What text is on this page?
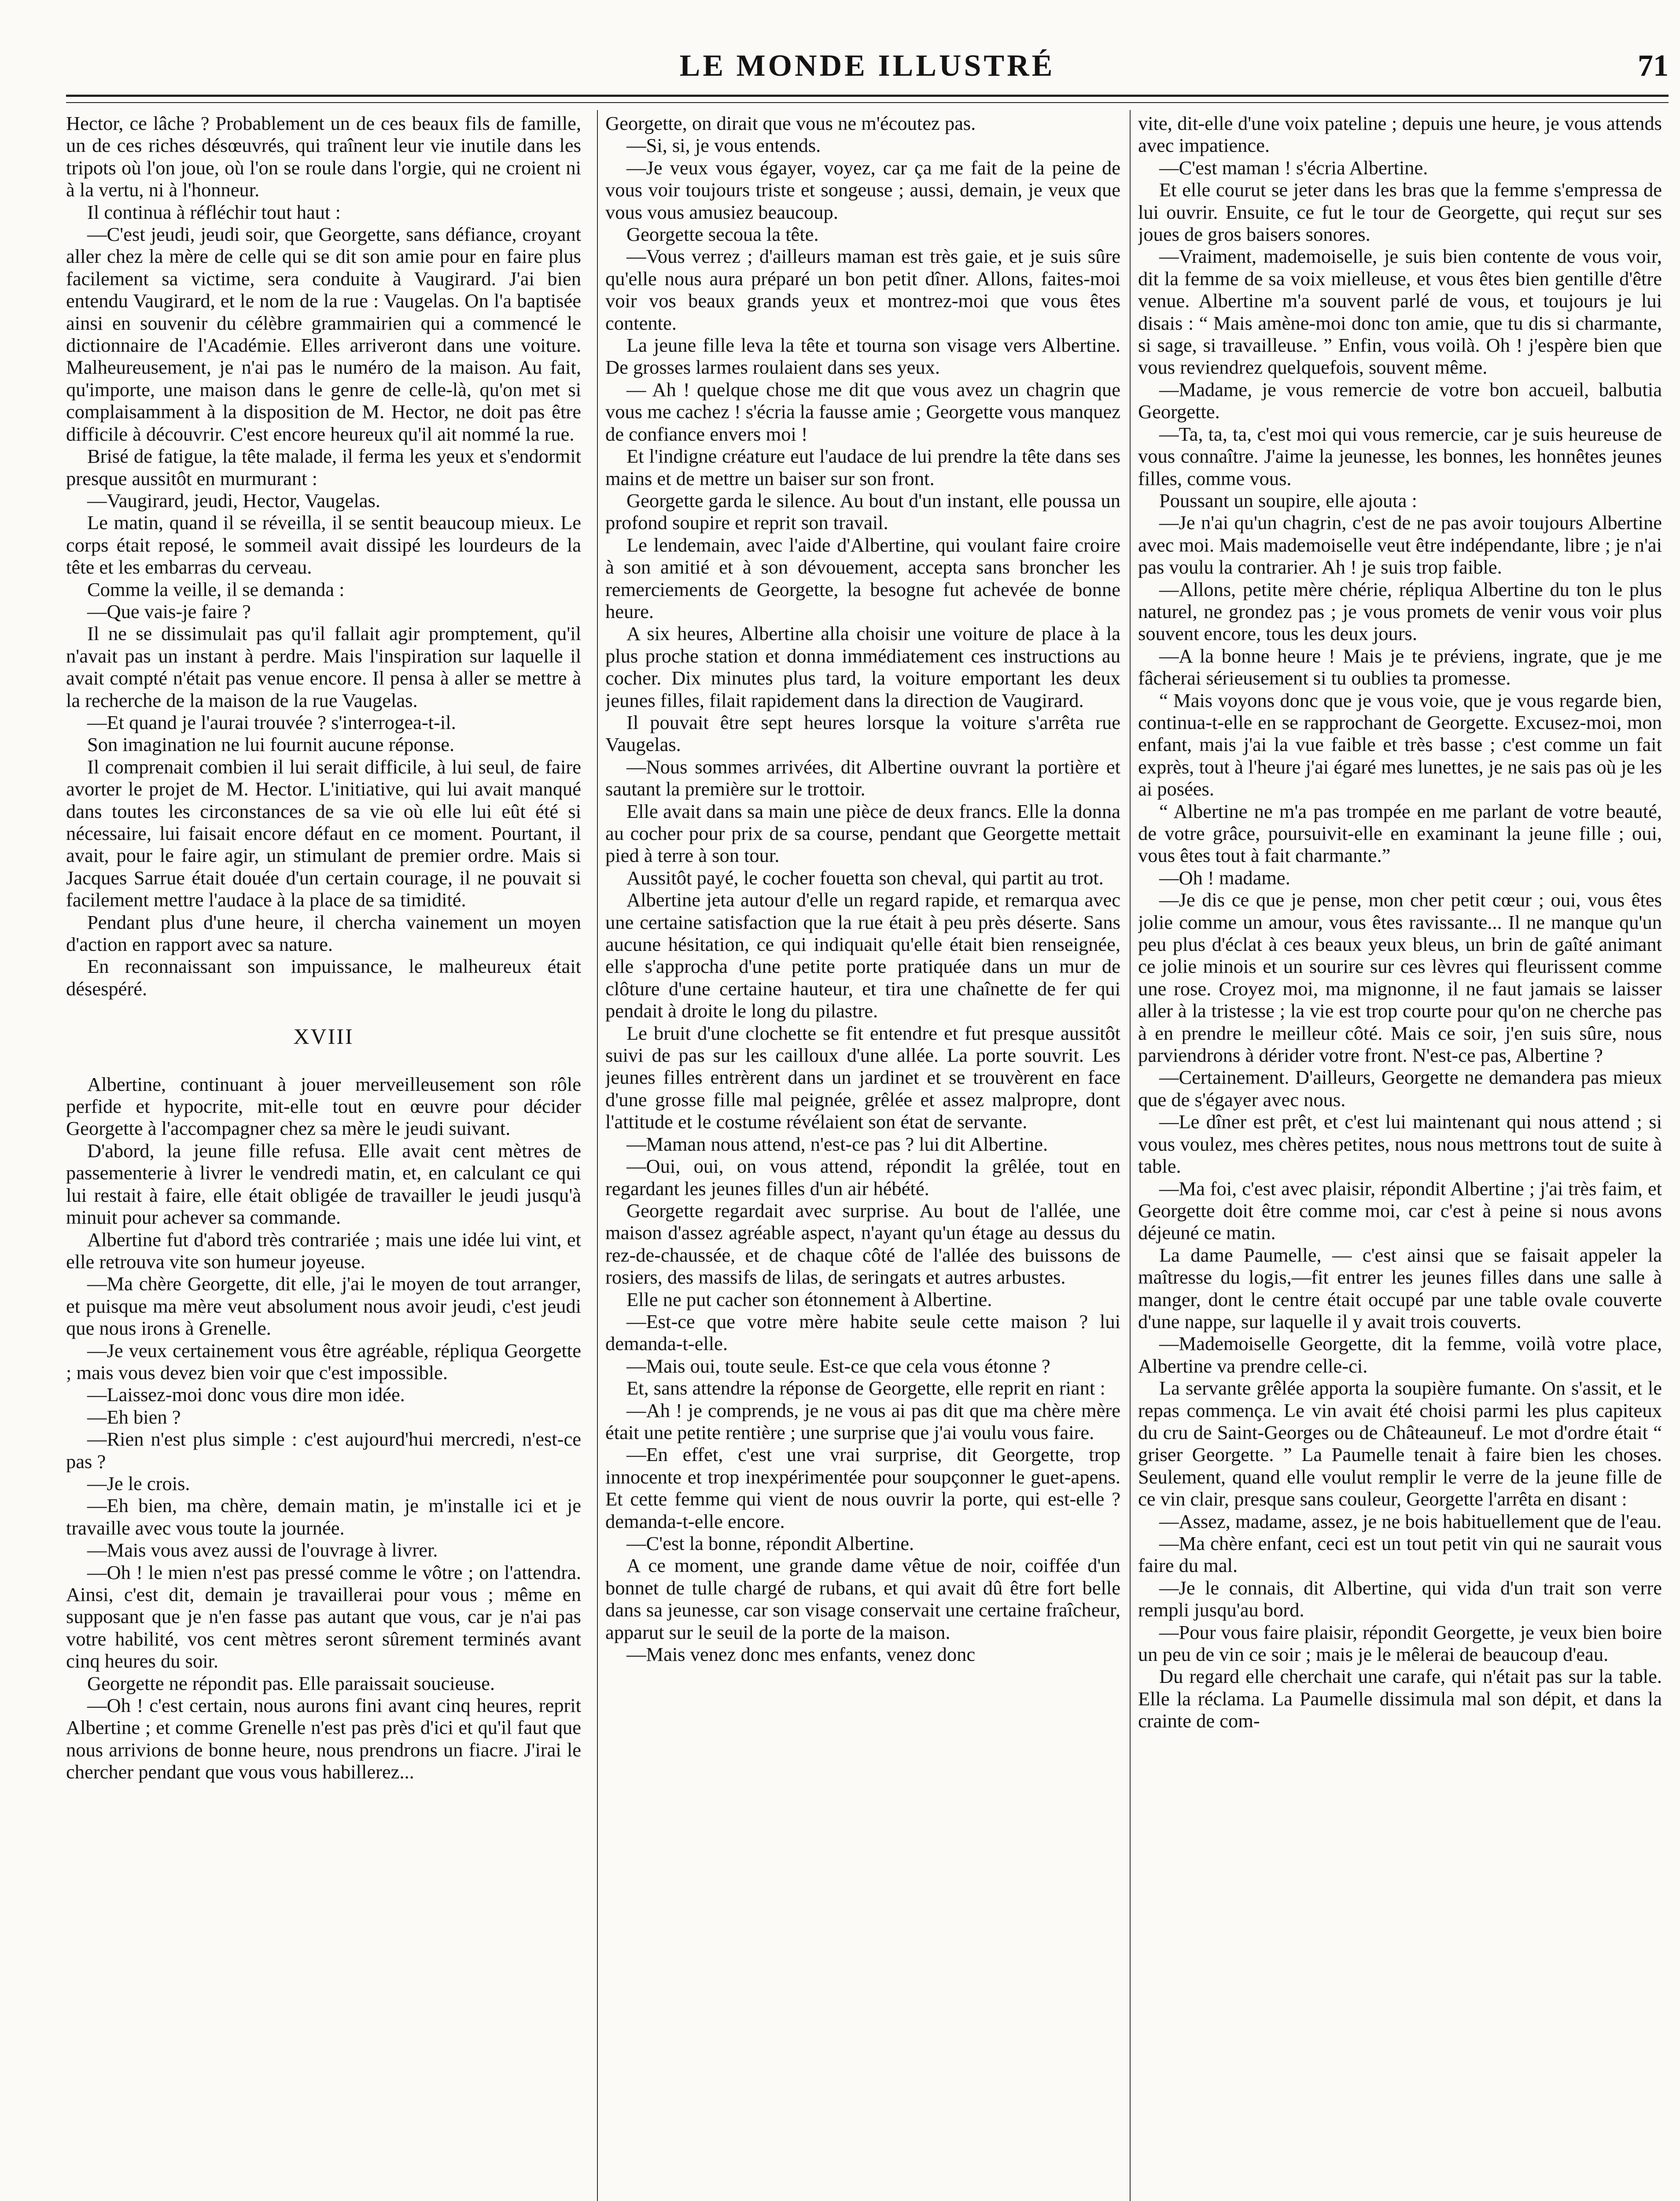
LE MONDE ILLUSTRÉ	71

Hector, ce lâche ? Probablement un de ces beaux fils de famille, un de ces riches désœuvrés, qui traînent leur vie inutile dans les tripots où l'on joue, où l'on se roule dans l'orgie, qui ne croient ni à la vertu, ni à l'honneur.

Il continua à réfléchir tout haut :

—C'est jeudi, jeudi soir, que Georgette, sans défiance, croyant aller chez la mère de celle qui se dit son amie pour en faire plus facilement sa victime, sera conduite à Vaugirard. J'ai bien entendu Vaugirard, et le nom de la rue : Vaugelas. On l'a baptisée ainsi en souvenir du célèbre grammairien qui a commencé le dictionnaire de l'Académie. Elles arriveront dans une voiture. Malheureusement, je n'ai pas le numéro de la maison. Au fait, qu'importe, une maison dans le genre de celle-là, qu'on met si complaisamment à la disposition de M. Hector, ne doit pas être difficile à découvrir. C'est encore heureux qu'il ait nommé la rue.

Brisé de fatigue, la tête malade, il ferma les yeux et s'endormit presque aussitôt en murmurant :

—Vaugirard, jeudi, Hector, Vaugelas.

Le matin, quand il se réveilla, il se sentit beaucoup mieux. Le corps était reposé, le sommeil avait dissipé les lourdeurs de la tête et les embarras du cerveau.

Comme la veille, il se demanda :

—Que vais-je faire ?

Il ne se dissimulait pas qu'il fallait agir promptement, qu'il n'avait pas un instant à perdre. Mais l'inspiration sur laquelle il avait compté n'était pas venue encore. Il pensa à aller se mettre à la recherche de la maison de la rue Vaugelas.

—Et quand je l'aurai trouvée ? s'interrogea-t-il.

Son imagination ne lui fournit aucune réponse.

Il comprenait combien il lui serait difficile, à lui seul, de faire avorter le projet de M. Hector. L'initiative, qui lui avait manqué dans toutes les circonstances de sa vie où elle lui eût été si nécessaire, lui faisait encore défaut en ce moment. Pourtant, il avait, pour le faire agir, un stimulant de premier ordre. Mais si Jacques Sarrue était douée d'un certain courage, il ne pouvait si facilement mettre l'audace à la place de sa timidité.

Pendant plus d'une heure, il chercha vainement un moyen d'action en rapport avec sa nature.

En reconnaissant son impuissance, le malheureux était désespéré.

XVIII

Albertine, continuant à jouer merveilleusement son rôle perfide et hypocrite, mit-elle tout en œuvre pour décider Georgette à l'accompagner chez sa mère le jeudi suivant.

D'abord, la jeune fille refusa. Elle avait cent mètres de passementerie à livrer le vendredi matin, et, en calculant ce qui lui restait à faire, elle était obligée de travailler le jeudi jusqu'à minuit pour achever sa commande.

Albertine fut d'abord très contrariée ; mais une idée lui vint, et elle retrouva vite son humeur joyeuse.

—Ma chère Georgette, dit elle, j'ai le moyen de tout arranger, et puisque ma mère veut absolument nous avoir jeudi, c'est jeudi que nous irons à Grenelle.

—Je veux certainement vous être agréable, répliqua Georgette ; mais vous devez bien voir que c'est impossible.

—Laissez-moi donc vous dire mon idée.

—Eh bien ?

—Rien n'est plus simple : c'est aujourd'hui mercredi, n'est-ce pas ?

—Je le crois.

—Eh bien, ma chère, demain matin, je m'installe ici et je travaille avec vous toute la journée.

—Mais vous avez aussi de l'ouvrage à livrer.

—Oh ! le mien n'est pas pressé comme le vôtre ; on l'attendra. Ainsi, c'est dit, demain je travaillerai pour vous ; même en supposant que je n'en fasse pas autant que vous, car je n'ai pas votre habilité, vos cent mètres seront sûrement terminés avant cinq heures du soir.

Georgette ne répondit pas. Elle paraissait soucieuse.

—Oh ! c'est certain, nous aurons fini avant cinq heures, reprit Albertine ; et comme Grenelle n'est pas près d'ici et qu'il faut que nous arrivions de bonne heure, nous prendrons un fiacre. J'irai le chercher pendant que vous vous habillerez...

Georgette, on dirait que vous ne m'écoutez pas.

—Si, si, je vous entends.

—Je veux vous égayer, voyez, car ça me fait de la peine de vous voir toujours triste et songeuse ; aussi, demain, je veux que vous vous amusiez beaucoup.

Georgette secoua la tête.

—Vous verrez ; d'ailleurs maman est très gaie, et je suis sûre qu'elle nous aura préparé un bon petit dîner. Allons, faites-moi voir vos beaux grands yeux et montrez-moi que vous êtes contente.

La jeune fille leva la tête et tourna son visage vers Albertine. De grosses larmes roulaient dans ses yeux.

— Ah ! quelque chose me dit que vous avez un chagrin que vous me cachez ! s'écria la fausse amie ; Georgette vous manquez de confiance envers moi !

Et l'indigne créature eut l'audace de lui prendre la tête dans ses mains et de mettre un baiser sur son front.

Georgette garda le silence. Au bout d'un instant, elle poussa un profond soupire et reprit son travail.

Le lendemain, avec l'aide d'Albertine, qui voulant faire croire à son amitié et à son dévouement, accepta sans broncher les remerciements de Georgette, la besogne fut achevée de bonne heure.

A six heures, Albertine alla choisir une voiture de place à la plus proche station et donna immédiatement ces instructions au cocher. Dix minutes plus tard, la voiture emportant les deux jeunes filles, filait rapidement dans la direction de Vaugirard.

Il pouvait être sept heures lorsque la voiture s'arrêta rue Vaugelas.

—Nous sommes arrivées, dit Albertine ouvrant la portière et sautant la première sur le trottoir.

Elle avait dans sa main une pièce de deux francs. Elle la donna au cocher pour prix de sa course, pendant que Georgette mettait pied à terre à son tour.

Aussitôt payé, le cocher fouetta son cheval, qui partit au trot.

Albertine jeta autour d'elle un regard rapide, et remarqua avec une certaine satisfaction que la rue était à peu près déserte. Sans aucune hésitation, ce qui indiquait qu'elle était bien renseignée, elle s'approcha d'une petite porte pratiquée dans un mur de clôture d'une certaine hauteur, et tira une chaînette de fer qui pendait à droite le long du pilastre.

Le bruit d'une clochette se fit entendre et fut presque aussitôt suivi de pas sur les cailloux d'une allée. La porte souvrit. Les jeunes filles entrèrent dans un jardinet et se trouvèrent en face d'une grosse fille mal peignée, grêlée et assez malpropre, dont l'attitude et le costume révélaient son état de servante.

—Maman nous attend, n'est-ce pas ? lui dit Albertine.

—Oui, oui, on vous attend, répondit la grêlée, tout en regardant les jeunes filles d'un air hébété.

Georgette regardait avec surprise. Au bout de l'allée, une maison d'assez agréable aspect, n'ayant qu'un étage au dessus du rez-de-chaussée, et de chaque côté de l'allée des buissons de rosiers, des massifs de lilas, de seringats et autres arbustes.

Elle ne put cacher son étonnement à Albertine.

—Est-ce que votre mère habite seule cette maison ? lui demanda-t-elle.

—Mais oui, toute seule. Est-ce que cela vous étonne ?

Et, sans attendre la réponse de Georgette, elle reprit en riant :

—Ah ! je comprends, je ne vous ai pas dit que ma chère mère était une petite rentière ; une surprise que j'ai voulu vous faire.

—En effet, c'est une vrai surprise, dit Georgette, trop innocente et trop inexpérimentée pour soupçonner le guet-apens. Et cette femme qui vient de nous ouvrir la porte, qui est-elle ? demanda-t-elle encore.

—C'est la bonne, répondit Albertine.

A ce moment, une grande dame vêtue de noir, coiffée d'un bonnet de tulle chargé de rubans, et qui avait dû être fort belle dans sa jeunesse, car son visage conservait une certaine fraîcheur, apparut sur le seuil de la porte de la maison.

—Mais venez donc mes enfants, venez donc

vite, dit-elle d'une voix pateline ; depuis une heure, je vous attends avec impatience.

—C'est maman ! s'écria Albertine.

Et elle courut se jeter dans les bras que la femme s'empressa de lui ouvrir. Ensuite, ce fut le tour de Georgette, qui reçut sur ses joues de gros baisers sonores.

—Vraiment, mademoiselle, je suis bien contente de vous voir, dit la femme de sa voix mielleuse, et vous êtes bien gentille d'être venue. Albertine m'a souvent parlé de vous, et toujours je lui disais : “ Mais amène-moi donc ton amie, que tu dis si charmante, si sage, si travailleuse. ” Enfin, vous voilà. Oh ! j'espère bien que vous reviendrez quelquefois, souvent même.

—Madame, je vous remercie de votre bon accueil, balbutia Georgette.

—Ta, ta, ta, c'est moi qui vous remercie, car je suis heureuse de vous connaître. J'aime la jeunesse, les bonnes, les honnêtes jeunes filles, comme vous.

Poussant un soupire, elle ajouta :

—Je n'ai qu'un chagrin, c'est de ne pas avoir toujours Albertine avec moi. Mais mademoiselle veut être indépendante, libre ; je n'ai pas voulu la contrarier. Ah ! je suis trop faible.

—Allons, petite mère chérie, répliqua Albertine du ton le plus naturel, ne grondez pas ; je vous promets de venir vous voir plus souvent encore, tous les deux jours.

—A la bonne heure ! Mais je te préviens, ingrate, que je me fâcherai sérieusement si tu oublies ta promesse.

“ Mais voyons donc que je vous voie, que je vous regarde bien, continua-t-elle en se rapprochant de Georgette. Excusez-moi, mon enfant, mais j'ai la vue faible et très basse ; c'est comme un fait exprès, tout à l'heure j'ai égaré mes lunettes, je ne sais pas où je les ai posées.

“ Albertine ne m'a pas trompée en me parlant de votre beauté, de votre grâce, poursuivit-elle en examinant la jeune fille ; oui, vous êtes tout à fait charmante.”

—Oh ! madame.

—Je dis ce que je pense, mon cher petit cœur ; oui, vous êtes jolie comme un amour, vous êtes ravissante... Il ne manque qu'un peu plus d'éclat à ces beaux yeux bleus, un brin de gaîté animant ce jolie minois et un sourire sur ces lèvres qui fleurissent comme une rose. Croyez moi, ma mignonne, il ne faut jamais se laisser aller à la tristesse ; la vie est trop courte pour qu'on ne cherche pas à en prendre le meilleur côté. Mais ce soir, j'en suis sûre, nous parviendrons à dérider votre front. N'est-ce pas, Albertine ?

—Certainement. D'ailleurs, Georgette ne demandera pas mieux que de s'égayer avec nous.

—Le dîner est prêt, et c'est lui maintenant qui nous attend ; si vous voulez, mes chères petites, nous nous mettrons tout de suite à table.

—Ma foi, c'est avec plaisir, répondit Albertine ; j'ai très faim, et Georgette doit être comme moi, car c'est à peine si nous avons déjeuné ce matin.

La dame Paumelle, — c'est ainsi que se faisait appeler la maîtresse du logis,—fit entrer les jeunes filles dans une salle à manger, dont le centre était occupé par une table ovale couverte d'une nappe, sur laquelle il y avait trois couverts.

—Mademoiselle Georgette, dit la femme, voilà votre place, Albertine va prendre celle-ci.

La servante grêlée apporta la soupière fumante. On s'assit, et le repas commença. Le vin avait été choisi parmi les plus capiteux du cru de Saint-Georges ou de Châteauneuf. Le mot d'ordre était “ griser Georgette. ” La Paumelle tenait à faire bien les choses. Seulement, quand elle voulut remplir le verre de la jeune fille de ce vin clair, presque sans couleur, Georgette l'arrêta en disant :

—Assez, madame, assez, je ne bois habituellement que de l'eau.

—Ma chère enfant, ceci est un tout petit vin qui ne saurait vous faire du mal.

—Je le connais, dit Albertine, qui vida d'un trait son verre rempli jusqu'au bord.

—Pour vous faire plaisir, répondit Georgette, je veux bien boire un peu de vin ce soir ; mais je le mêlerai de beaucoup d'eau.

Du regard elle cherchait une carafe, qui n'était pas sur la table. Elle la réclama. La Paumelle dissimula mal son dépit, et dans la crainte de com-
